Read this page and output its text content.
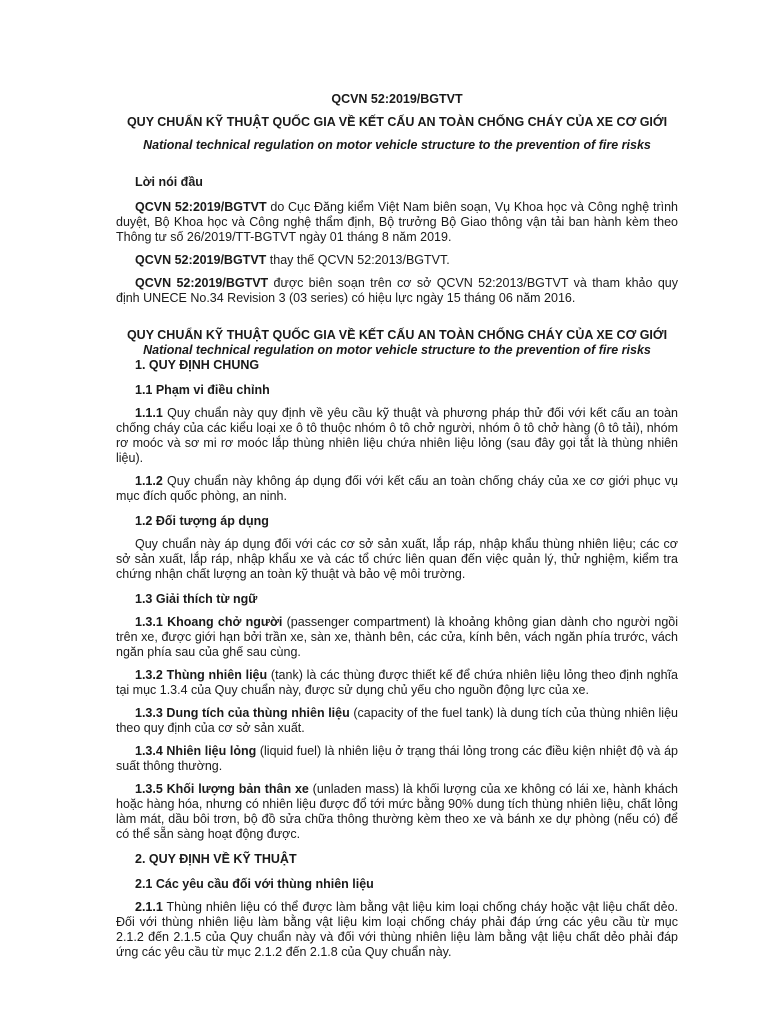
QCVN 52:2019/BGTVT

QUY CHUẨN KỸ THUẬT QUỐC GIA VỀ KẾT CẤU AN TOÀN CHỐNG CHÁY CỦA XE CƠ GIỚI

National technical regulation on motor vehicle structure to the prevention of fire risks

Lời nói đầu

QCVN 52:2019/BGTVT do Cục Đăng kiểm Việt Nam biên soạn, Vụ Khoa học và Công nghệ trình duyệt, Bộ Khoa học và Công nghệ thẩm định, Bộ trưởng Bộ Giao thông vận tải ban hành kèm theo Thông tư số 26/2019/TT-BGTVT ngày 01 tháng 8 năm 2019.

QCVN 52:2019/BGTVT thay thế QCVN 52:2013/BGTVT.

QCVN 52:2019/BGTVT được biên soạn trên cơ sở QCVN 52:2013/BGTVT và tham khảo quy định UNECE No.34 Revision 3 (03 series) có hiệu lực ngày 15 tháng 06 năm 2016.

QUY CHUẨN KỸ THUẬT QUỐC GIA VỀ KẾT CẤU AN TOÀN CHỐNG CHÁY CỦA XE CƠ GIỚI

National technical regulation on motor vehicle structure to the prevention of fire risks

1. QUY ĐỊNH CHUNG

1.1 Phạm vi điều chỉnh

1.1.1 Quy chuẩn này quy định về yêu cầu kỹ thuật và phương pháp thử đối với kết cấu an toàn chống cháy của các kiểu loại xe ô tô thuộc nhóm ô tô chở người, nhóm ô tô chở hàng (ô tô tải), nhóm rơ moóc và sơ mi rơ moóc lắp thùng nhiên liệu chứa nhiên liệu lỏng (sau đây gọi tắt là thùng nhiên liệu).

1.1.2 Quy chuẩn này không áp dụng đối với kết cấu an toàn chống cháy của xe cơ giới phục vụ mục đích quốc phòng, an ninh.

1.2 Đối tượng áp dụng

Quy chuẩn này áp dụng đối với các cơ sở sản xuất, lắp ráp, nhập khẩu thùng nhiên liệu; các cơ sở sản xuất, lắp ráp, nhập khẩu xe và các tổ chức liên quan đến việc quản lý, thử nghiệm, kiểm tra chứng nhận chất lượng an toàn kỹ thuật và bảo vệ môi trường.

1.3 Giải thích từ ngữ

1.3.1 Khoang chở người (passenger compartment) là khoảng không gian dành cho người ngồi trên xe, được giới hạn bởi trần xe, sàn xe, thành bên, các cửa, kính bên, vách ngăn phía trước, vách ngăn phía sau của ghế sau cùng.

1.3.2 Thùng nhiên liệu (tank) là các thùng được thiết kế để chứa nhiên liệu lỏng theo định nghĩa tại mục 1.3.4 của Quy chuẩn này, được sử dụng chủ yếu cho nguồn động lực của xe.

1.3.3 Dung tích của thùng nhiên liệu (capacity of the fuel tank) là dung tích của thùng nhiên liệu theo quy định của cơ sở sản xuất.

1.3.4 Nhiên liệu lỏng (liquid fuel) là nhiên liệu ở trạng thái lỏng trong các điều kiện nhiệt độ và áp suất thông thường.

1.3.5 Khối lượng bản thân xe (unladen mass) là khối lượng của xe không có lái xe, hành khách hoặc hàng hóa, nhưng có nhiên liệu được đổ tới mức bằng 90% dung tích thùng nhiên liệu, chất lỏng làm mát, dầu bôi trơn, bộ đồ sửa chữa thông thường kèm theo xe và bánh xe dự phòng (nếu có) để có thể sẵn sàng hoạt động được.

2. QUY ĐỊNH VỀ KỸ THUẬT

2.1 Các yêu cầu đối với thùng nhiên liệu

2.1.1 Thùng nhiên liệu có thể được làm bằng vật liệu kim loại chống cháy hoặc vật liệu chất dẻo. Đối với thùng nhiên liệu làm bằng vật liệu kim loại chống cháy phải đáp ứng các yêu cầu từ mục 2.1.2 đến 2.1.5 của Quy chuẩn này và đối với thùng nhiên liệu làm bằng vật liệu chất dẻo phải đáp ứng các yêu cầu từ mục 2.1.2 đến 2.1.8 của Quy chuẩn này.
